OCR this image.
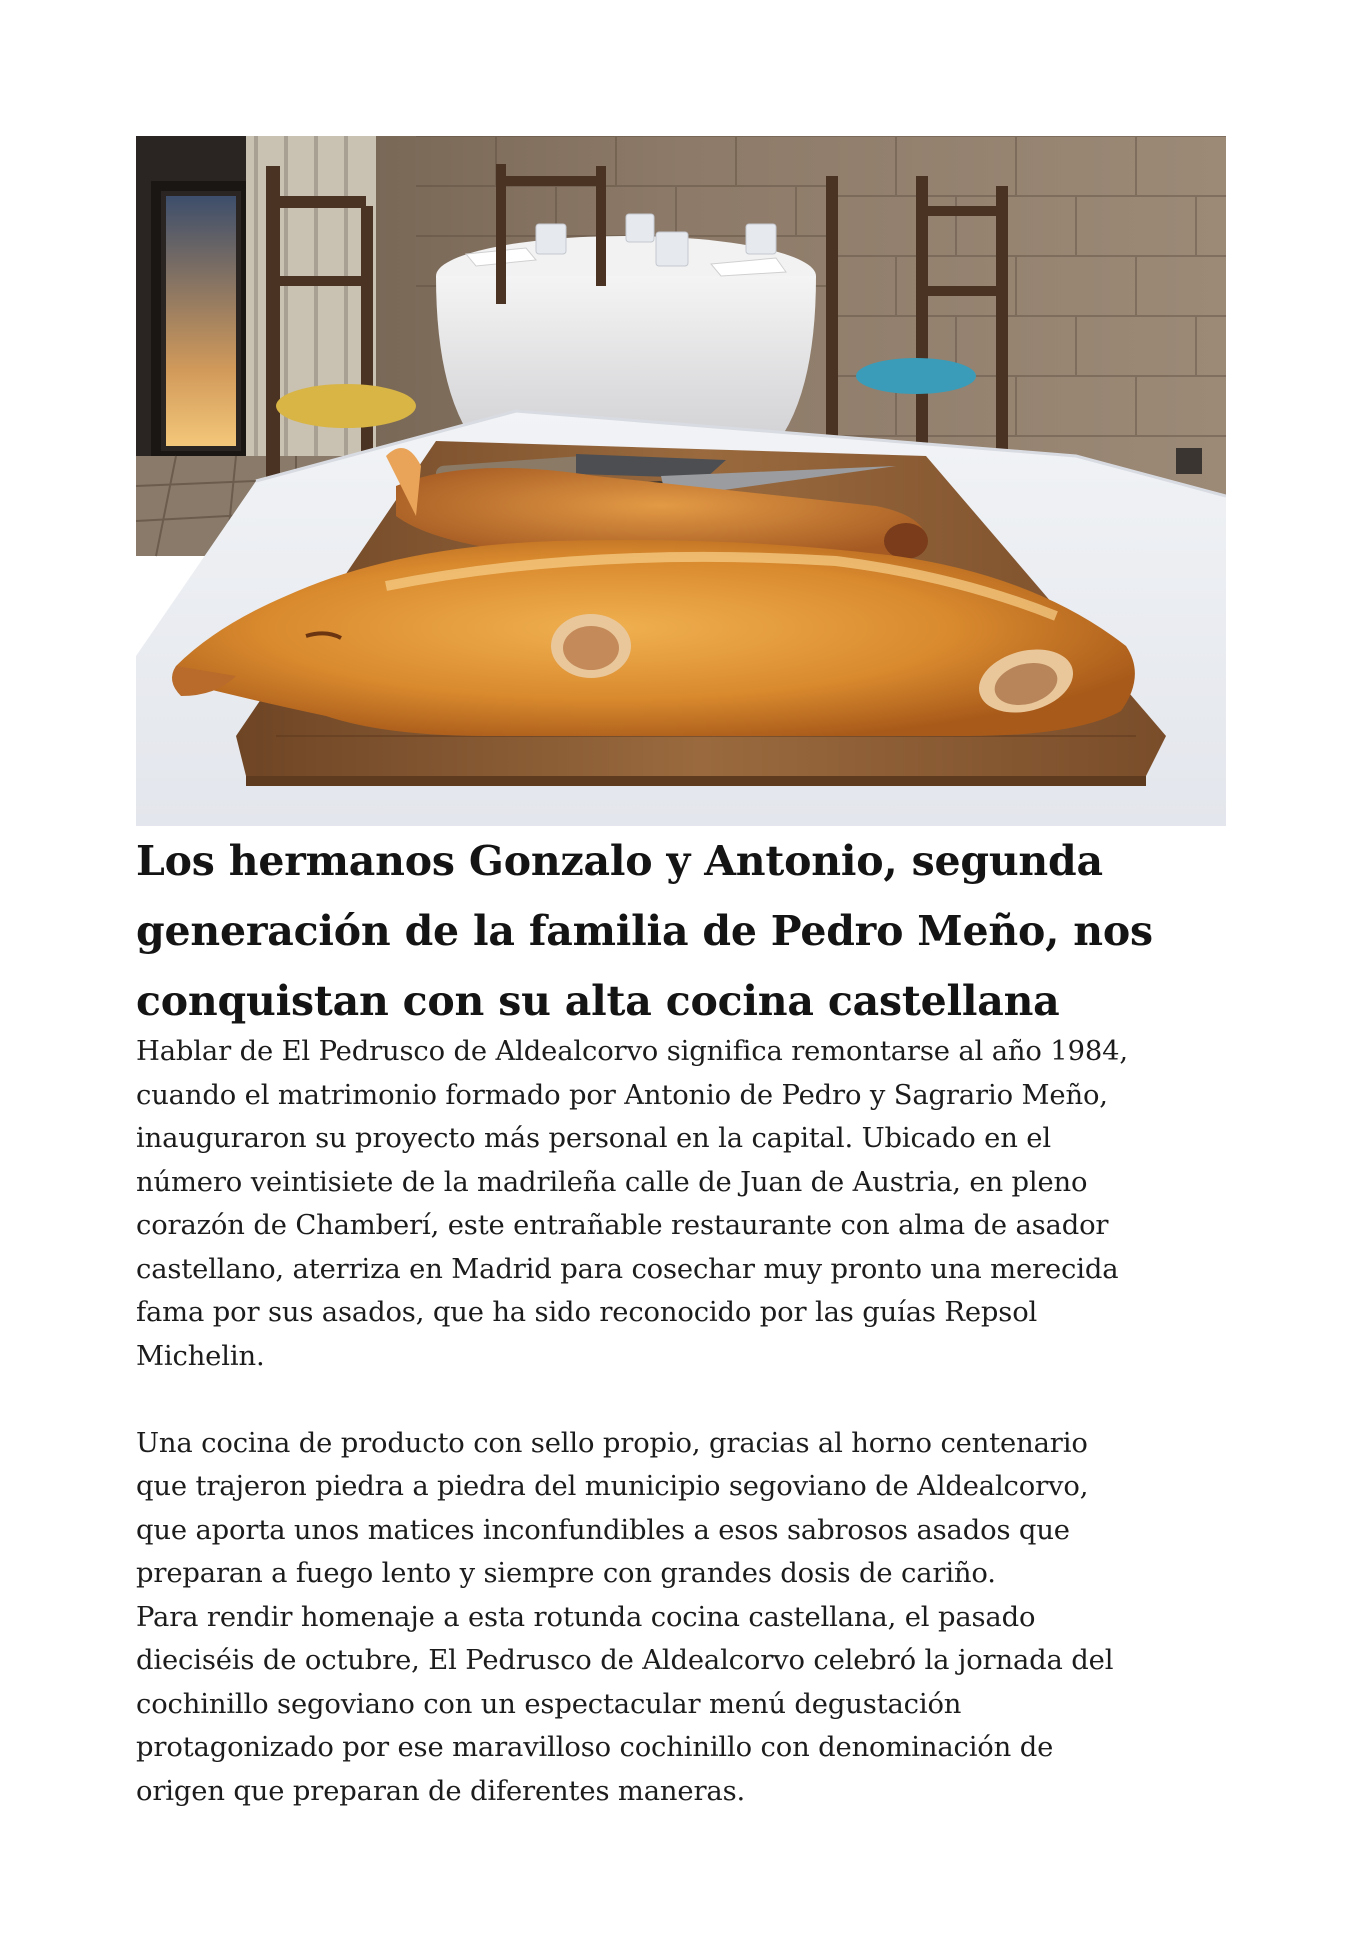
Los hermanos Gonzalo y Antonio, segunda
generación de la familia de Pedro Meño, nos
conquistan con su alta cocina castellana
Hablar de El Pedrusco de Aldealcorvo significa remontarse al año 1984,
cuando el matrimonio formado por Antonio de Pedro y Sagrario Meño,
inauguraron su proyecto más personal en la capital. Ubicado en el
número veintisiete de la madrileña calle de Juan de Austria, en pleno
corazón de Chamberí, este entrañable restaurante con alma de asador
castellano, aterriza en Madrid para cosechar muy pronto una merecida
fama por sus asados, que ha sido reconocido por las guías Repsol
Michelin.
Una cocina de producto con sello propio, gracias al horno centenario
que trajeron piedra a piedra del municipio segoviano de Aldealcorvo,
que aporta unos matices inconfundibles a esos sabrosos asados que
preparan a fuego lento y siempre con grandes dosis de cariño.
Para rendir homenaje a esta rotunda cocina castellana, el pasado
dieciséis de octubre, El Pedrusco de Aldealcorvo celebró la jornada del
cochinillo segoviano con un espectacular menú degustación
protagonizado por ese maravilloso cochinillo con denominación de
origen que preparan de diferentes maneras.
